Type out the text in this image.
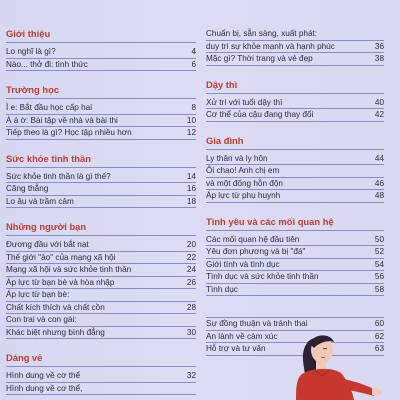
Giới thiệu
Lo nghĩ là gì?	4
Nào... thở đi: tình thức	6
Trường học
Ì e: Bắt đầu học cấp hai	8
À á ờ: Bài tập về nhà và bài thi	10
Tiếp theo là gì? Học tập nhiều hơn	12
Sức khỏe tinh thần
Sức khỏe tinh thần là gì thế?	14
Căng thẳng	16
Lo âu và trầm cảm	18
Những người bạn
Đương đầu với bắt nạt	20
Thế giới "ảo" của mạng xã hội	22
Mạng xã hội và sức khỏe tinh thần	24
Áp lực từ bạn bè và hòa nhập	26
Áp lực từ bạn bè:
Chất kích thích và chất cồn	28
Con trai và con gái:
Khác biệt nhưng bình đẳng	30
Dáng vẻ
Hình dung về cơ thể	32
Hình dung về cơ thể,
Chuẩn bị, sẵn sàng, xuất phát:
duy trì sự khỏe mạnh và hạnh phúc	36
Mặc gì? Thời trang và vẻ đẹp	38
Dậy thì
Xử trí với tuổi dậy thì	40
Cơ thể của cậu đang thay đổi	42
Gia đình
Ly thân và ly hôn	44
Ôi chao! Anh chị em
và một đống hỗn độn	46
Áp lực từ phụ huynh	48
Tình yêu và các mối quan hệ
Các mối quan hệ đầu tiên	50
Yêu đơn phương và bị "đá"	52
Giới tính và tình dục	54
Tình dục và sức khỏe tinh thần	56
Tình dục	58
Sự đồng thuận và tránh thai	60
An lành về cảm xúc	62
Hỗ trợ và tư vấn	63
